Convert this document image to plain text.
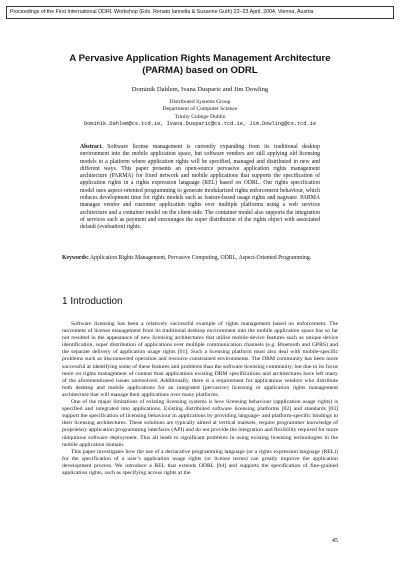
Proceedings of the First International ODRL Workshop (Eds. Renato Iannella & Susanne Guth) 22–23 April, 2004, Vienna, Austria
A Pervasive Application Rights Management Architecture
(PARMA) based on ODRL
Dominik Dahlem, Ivana Dusparic and Jim Dowling
Distributed Systems Group
Department of Computer Science
Trinity College Dublin
Dominik.Dahlem@cs.tcd.ie, Ivana.Dusparic@cs.tcd.ie, Jim.Dowling@cs.tcd.ie
Abstract. Software license management is currently expanding from its traditional desktop environment into the mobile application space, but software vendors are still applying old licensing models to a platform where application rights will be specified, managed and distributed in new and different ways. This paper presents an open-source pervasive application rights management architecture (PARMA) for fixed network and mobile applications that supports the specification of application rights in a rights expression language (REL) based on ODRL. Our rights specification model uses aspect-oriented programming to generate modularized rights enforcement behaviour, which reduces development time for rights models such as feature-based usage rights and nagware. PARMA manages vendor and customer application rights over multiple platforms using a web services architecture and a container model on the client-side. The container model also supports the integration of services such as payment and encourages the super distribution of the rights object with associated default (evaluation) rights.
Keywords: Application Rights Management, Pervasive Computing, ODRL, Aspect-Oriented Programming.
1 Introduction

Software licensing has been a relatively successful example of rights management based on enforcement. The movement of license management from its traditional desktop environment into the mobile application space has so far not resulted in the appearance of new licensing architectures that utilise mobile-device features such as unique device identification, super distribution of applications over multiple communication channels (e.g. Bluetooth and GPRS) and the separate delivery of application usage rights [01]. Such a licensing platform must also deal with mobile-specific problems such as disconnected operation and resource constrained environments. The DRM community has been more successful at identifying some of these features and problems than the software licensing community, but due to its focus more on rights management of content than applications existing DRM specifications and architectures have left many of the aforementioned issues unresolved. Additionally, there is a requirement for applications vendors who distribute both desktop and mobile applications for an integrated (pervasive) licensing or application rights management architecture that will manage their applications over many platforms.

One of the major limitations of existing licensing systems is how licensing behaviour (application usage rights) is specified and integrated into applications. Existing distributed software licensing platforms [02] and standards [03] support the specification of licensing behaviour in applications by providing language- and platform-specific bindings to their licensing architectures. These solutions are typically aimed at vertical markets, require programmer knowledge of proprietary application programming interfaces (API) and do not provide the integration and flexibility required for more ubiquitous software deployment. This all leads to significant problems in using existing licensing technologies in the mobile application domain.

This paper investigates how the use of a declarative programming language (or a rights expression language (REL)) for the specification of a user’s application usage rights (or license terms) can greatly improve the application development process. We introduce a REL that extends ODRL [04] and supports the specification of fine-grained application rights, such as specifying access rights at the

45
